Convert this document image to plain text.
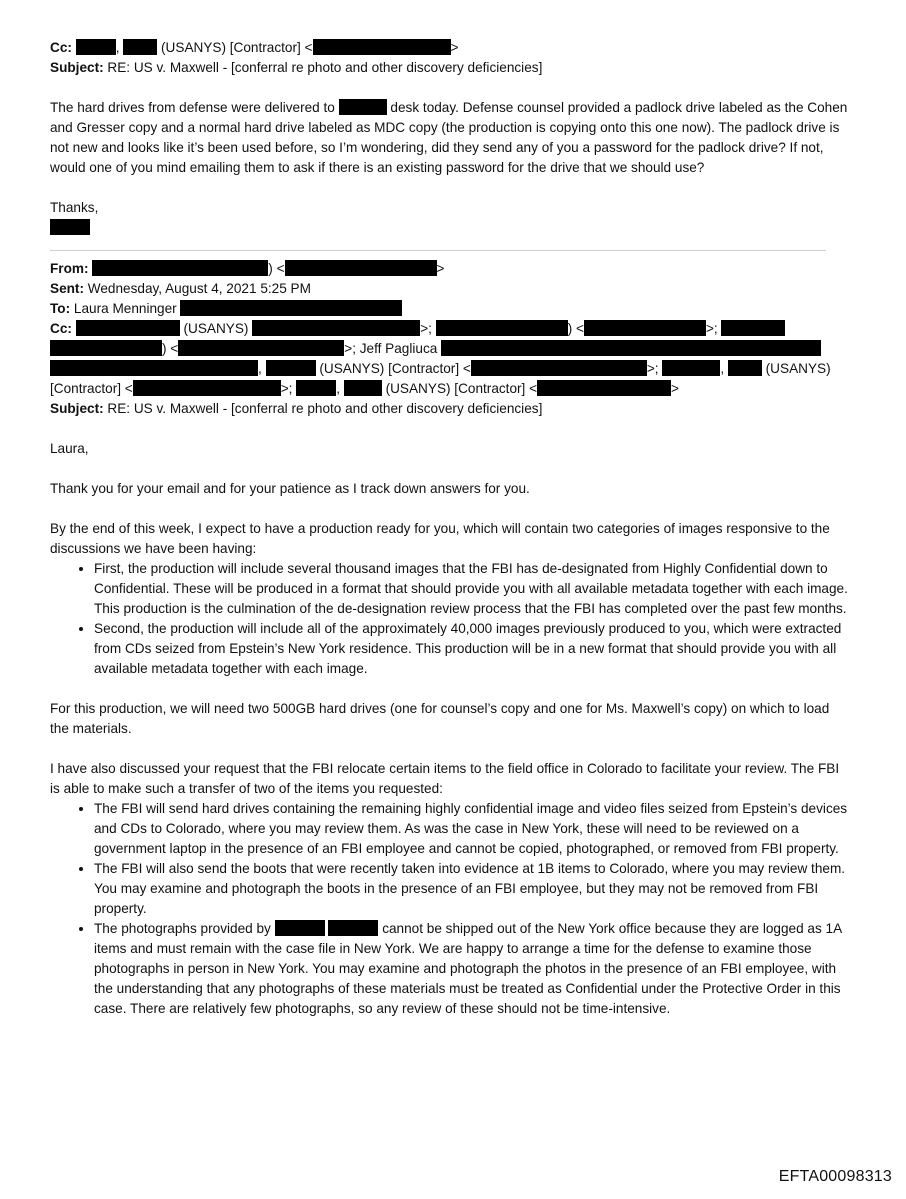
Cc:	,	(USANYS) [Contractor] <	>
Subject: RE: US v. Maxwell - [conferral re photo and other discovery deficiencies]

The hard drives from defense were delivered to	desk today. Defense counsel provided a padlock drive labeled as the Cohen and Gresser copy and a normal hard drive labeled as MDC copy (the production is copying onto this one now). The padlock drive is not new and looks like it’s been used before, so I’m wondering, did they send any of you a password for the padlock drive? If not, would one of you mind emailing them to ask if there is an existing password for the drive that we should use?

Thanks,

From:	) <	>
Sent: Wednesday, August 4, 2021 5:25 PM
To: Laura Menninger
Cc:	(USANYS)	>;	) <	>;
) <	>; Jeff Pagliuca
,	(USANYS) [Contractor] <	>;	,	(USANYS)
[Contractor] <	>;	,	(USANYS) [Contractor] <	>
Subject: RE: US v. Maxwell - [conferral re photo and other discovery deficiencies]

Laura,

Thank you for your email and for your patience as I track down answers for you.

By the end of this week, I expect to have a production ready for you, which will contain two categories of images responsive to the discussions we have been having:

• First, the production will include several thousand images that the FBI has de-designated from Highly Confidential down to Confidential. These will be produced in a format that should provide you with all available metadata together with each image. This production is the culmination of the de-designation review process that the FBI has completed over the past few months.
• Second, the production will include all of the approximately 40,000 images previously produced to you, which were extracted from CDs seized from Epstein’s New York residence. This production will be in a new format that should provide you with all available metadata together with each image.

For this production, we will need two 500GB hard drives (one for counsel’s copy and one for Ms. Maxwell’s copy) on which to load the materials.

I have also discussed your request that the FBI relocate certain items to the field office in Colorado to facilitate your review. The FBI is able to make such a transfer of two of the items you requested:

• The FBI will send hard drives containing the remaining highly confidential image and video files seized from Epstein’s devices and CDs to Colorado, where you may review them. As was the case in New York, these will need to be reviewed on a government laptop in the presence of an FBI employee and cannot be copied, photographed, or removed from FBI property.
• The FBI will also send the boots that were recently taken into evidence at 1B items to Colorado, where you may review them. You may examine and photograph the boots in the presence of an FBI employee, but they may not be removed from FBI property.
• The photographs provided by	cannot be shipped out of the New York office because they are logged as 1A items and must remain with the case file in New York. We are happy to arrange a time for the defense to examine those photographs in person in New York. You may examine and photograph the photos in the presence of an FBI employee, with the understanding that any photographs of these materials must be treated as Confidential under the Protective Order in this case. There are relatively few photographs, so any review of these should not be time-intensive.
EFTA00098313
